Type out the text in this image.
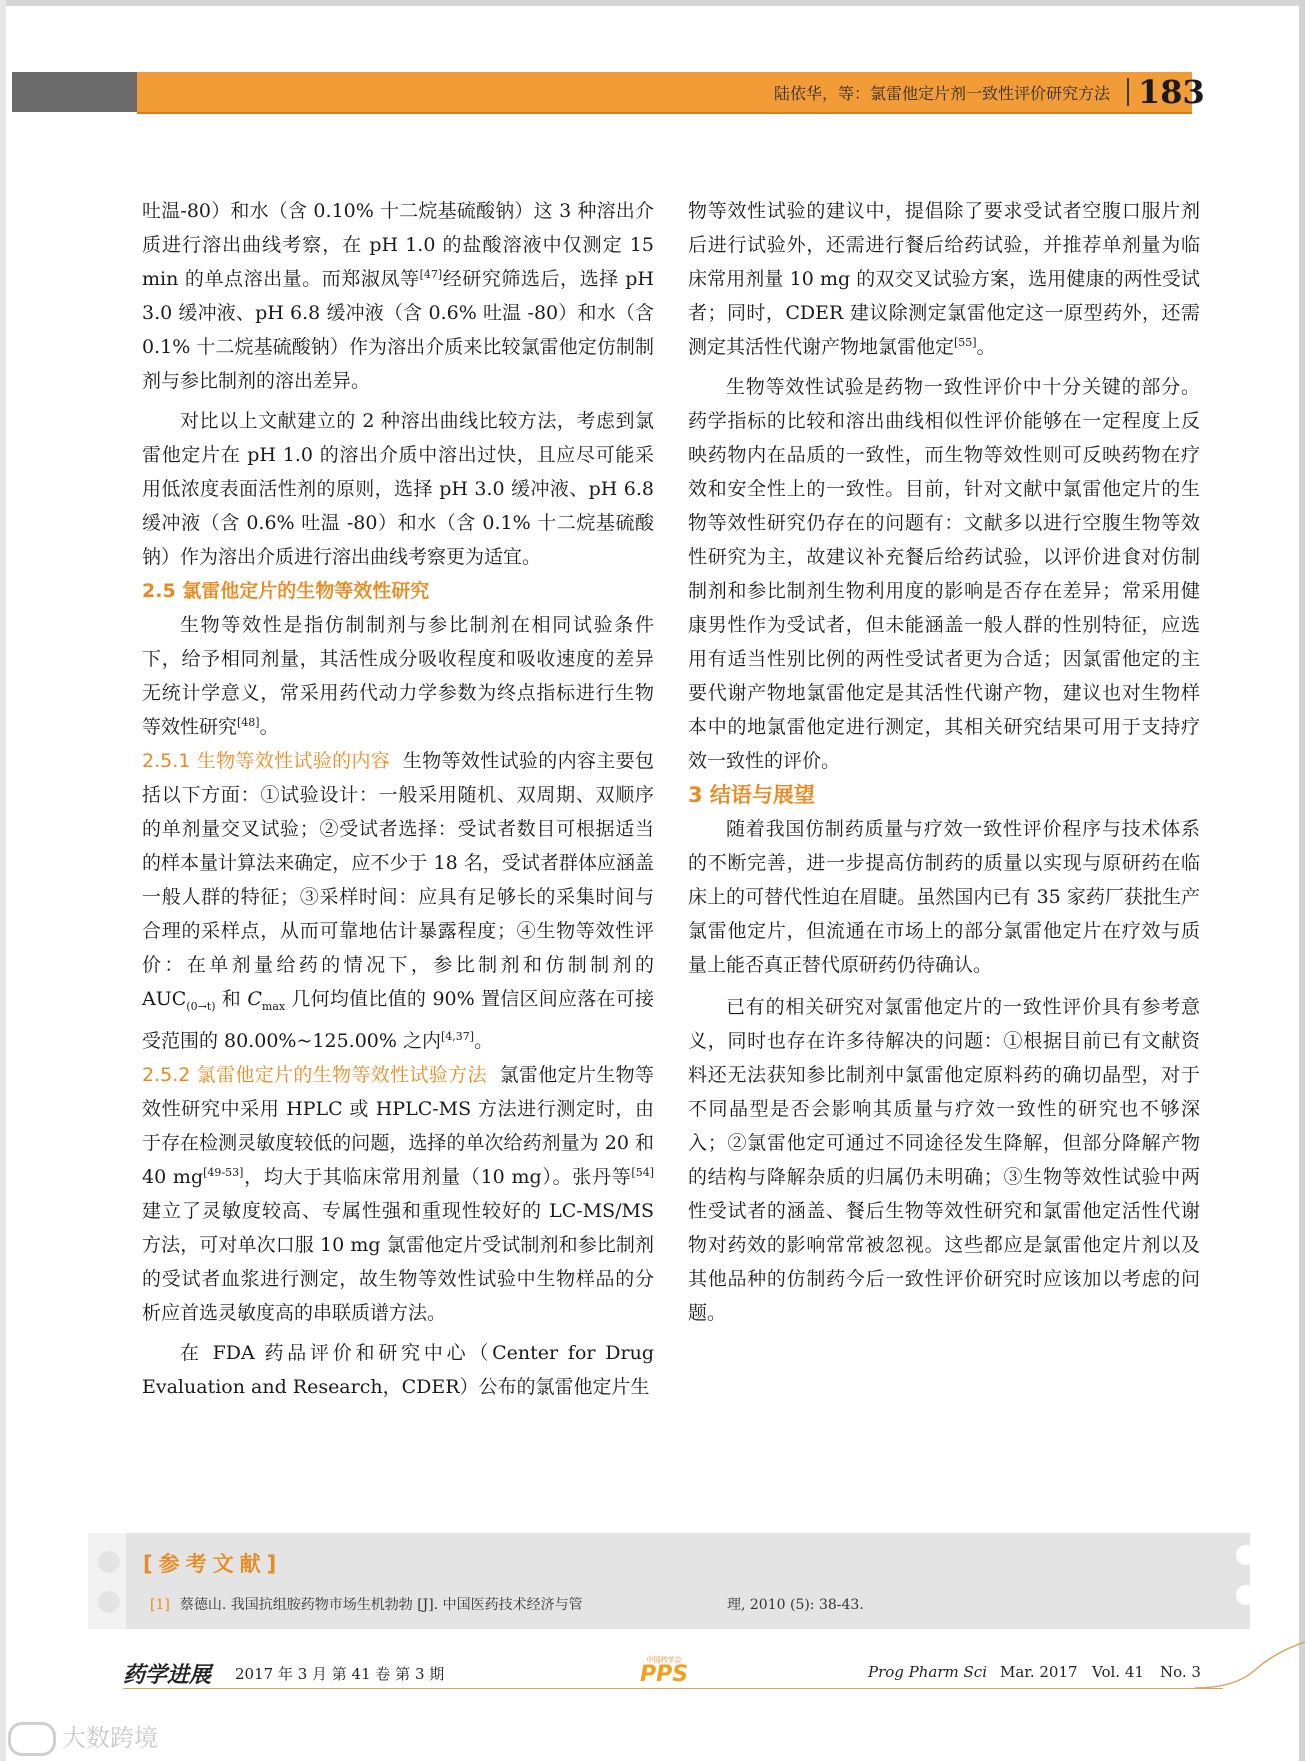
陆依华，等：氯雷他定片剂一致性评价研究方法 183

吐温-80）和水（含 0.10% 十二烷基硫酸钠）这 3 种溶出介质进行溶出曲线考察，在 pH 1.0 的盐酸溶液中仅测定 15 min 的单点溶出量。而郑淑凤等[47]经研究筛选后，选择 pH 3.0 缓冲液、pH 6.8 缓冲液（含 0.6% 吐温 -80）和水（含 0.1% 十二烷基硫酸钠）作为溶出介质来比较氯雷他定仿制制剂与参比制剂的溶出差异。

对比以上文献建立的 2 种溶出曲线比较方法，考虑到氯雷他定片在 pH 1.0 的溶出介质中溶出过快，且应尽可能采用低浓度表面活性剂的原则，选择 pH 3.0 缓冲液、pH 6.8 缓冲液（含 0.6% 吐温 -80）和水（含 0.1% 十二烷基硫酸钠）作为溶出介质进行溶出曲线考察更为适宜。

2.5 氯雷他定片的生物等效性研究

生物等效性是指仿制制剂与参比制剂在相同试验条件下，给予相同剂量，其活性成分吸收程度和吸收速度的差异无统计学意义，常采用药代动力学参数为终点指标进行生物等效性研究[48]。

2.5.1 生物等效性试验的内容 生物等效性试验的内容主要包括以下方面：①试验设计：一般采用随机、双周期、双顺序的单剂量交叉试验；②受试者选择：受试者数目可根据适当的样本量计算法来确定，应不少于 18 名，受试者群体应涵盖一般人群的特征；③采样时间：应具有足够长的采集时间与合理的采样点，从而可靠地估计暴露程度；④生物等效性评价：在单剂量给药的情况下，参比制剂和仿制制剂的 $AUC_{(0\to t)}$ 和 $C_{max}$ 几何均值比值的 90% 置信区间应落在可接受范围的 80.00%~125.00% 之内[4,37]。

2.5.2 氯雷他定片的生物等效性试验方法 氯雷他定片生物等效性研究中采用 HPLC 或 HPLC-MS 方法进行测定时，由于存在检测灵敏度较低的问题，选择的单次给药剂量为 20 和 40 mg[49-53]，均大于其临床常用剂量（10 mg）。张丹等[54]建立了灵敏度较高、专属性强和重现性较好的 LC-MS/MS 方法，可对单次口服 10 mg 氯雷他定片受试制剂和参比制剂的受试者血浆进行测定，故生物等效性试验中生物样品的分析应首选灵敏度高的串联质谱方法。

在 FDA 药品评价和研究中心（Center for Drug Evaluation and Research，CDER）公布的氯雷他定片生

物等效性试验的建议中，提倡除了要求受试者空腹口服片剂后进行试验外，还需进行餐后给药试验，并推荐单剂量为临床常用剂量 10 mg 的双交叉试验方案，选用健康的两性受试者；同时，CDER 建议除测定氯雷他定这一原型药外，还需测定其活性代谢产物地氯雷他定[55]。

生物等效性试验是药物一致性评价中十分关键的部分。药学指标的比较和溶出曲线相似性评价能够在一定程度上反映药物内在品质的一致性，而生物等效性则可反映药物在疗效和安全性上的一致性。目前，针对文献中氯雷他定片的生物等效性研究仍存在的问题有：文献多以进行空腹生物等效性研究为主，故建议补充餐后给药试验，以评价进食对仿制制剂和参比制剂生物利用度的影响是否存在差异；常采用健康男性作为受试者，但未能涵盖一般人群的性别特征，应选用有适当性别比例的两性受试者更为合适；因氯雷他定的主要代谢产物地氯雷他定是其活性代谢产物，建议也对生物样本中的地氯雷他定进行测定，其相关研究结果可用于支持疗效一致性的评价。

3 结语与展望

随着我国仿制药质量与疗效一致性评价程序与技术体系的不断完善，进一步提高仿制药的质量以实现与原研药在临床上的可替代性迫在眉睫。虽然国内已有 35 家药厂获批生产氯雷他定片，但流通在市场上的部分氯雷他定片在疗效与质量上能否真正替代原研药仍待确认。

已有的相关研究对氯雷他定片的一致性评价具有参考意义，同时也存在许多待解决的问题：①根据目前已有文献资料还无法获知参比制剂中氯雷他定原料药的确切晶型，对于不同晶型是否会影响其质量与疗效一致性的研究也不够深入；②氯雷他定可通过不同途径发生降解，但部分降解产物的结构与降解杂质的归属仍未明确；③生物等效性试验中两性受试者的涵盖、餐后生物等效性研究和氯雷他定活性代谢物对药效的影响常常被忽视。这些都应是氯雷他定片剂以及其他品种的仿制药今后一致性评价研究时应该加以考虑的问题。

[参考文献]
[1] 蔡德山. 我国抗组胺药物市场生机勃勃 [J]. 中国医药技术经济与管	理, 2010 (5): 38-43.
药学进展 2017 年 3 月 第 41 卷 第 3 期
中国药学会
PPS	Prog Pharm Sci Mar. 2017 Vol. 41 No. 3
大数跨境
